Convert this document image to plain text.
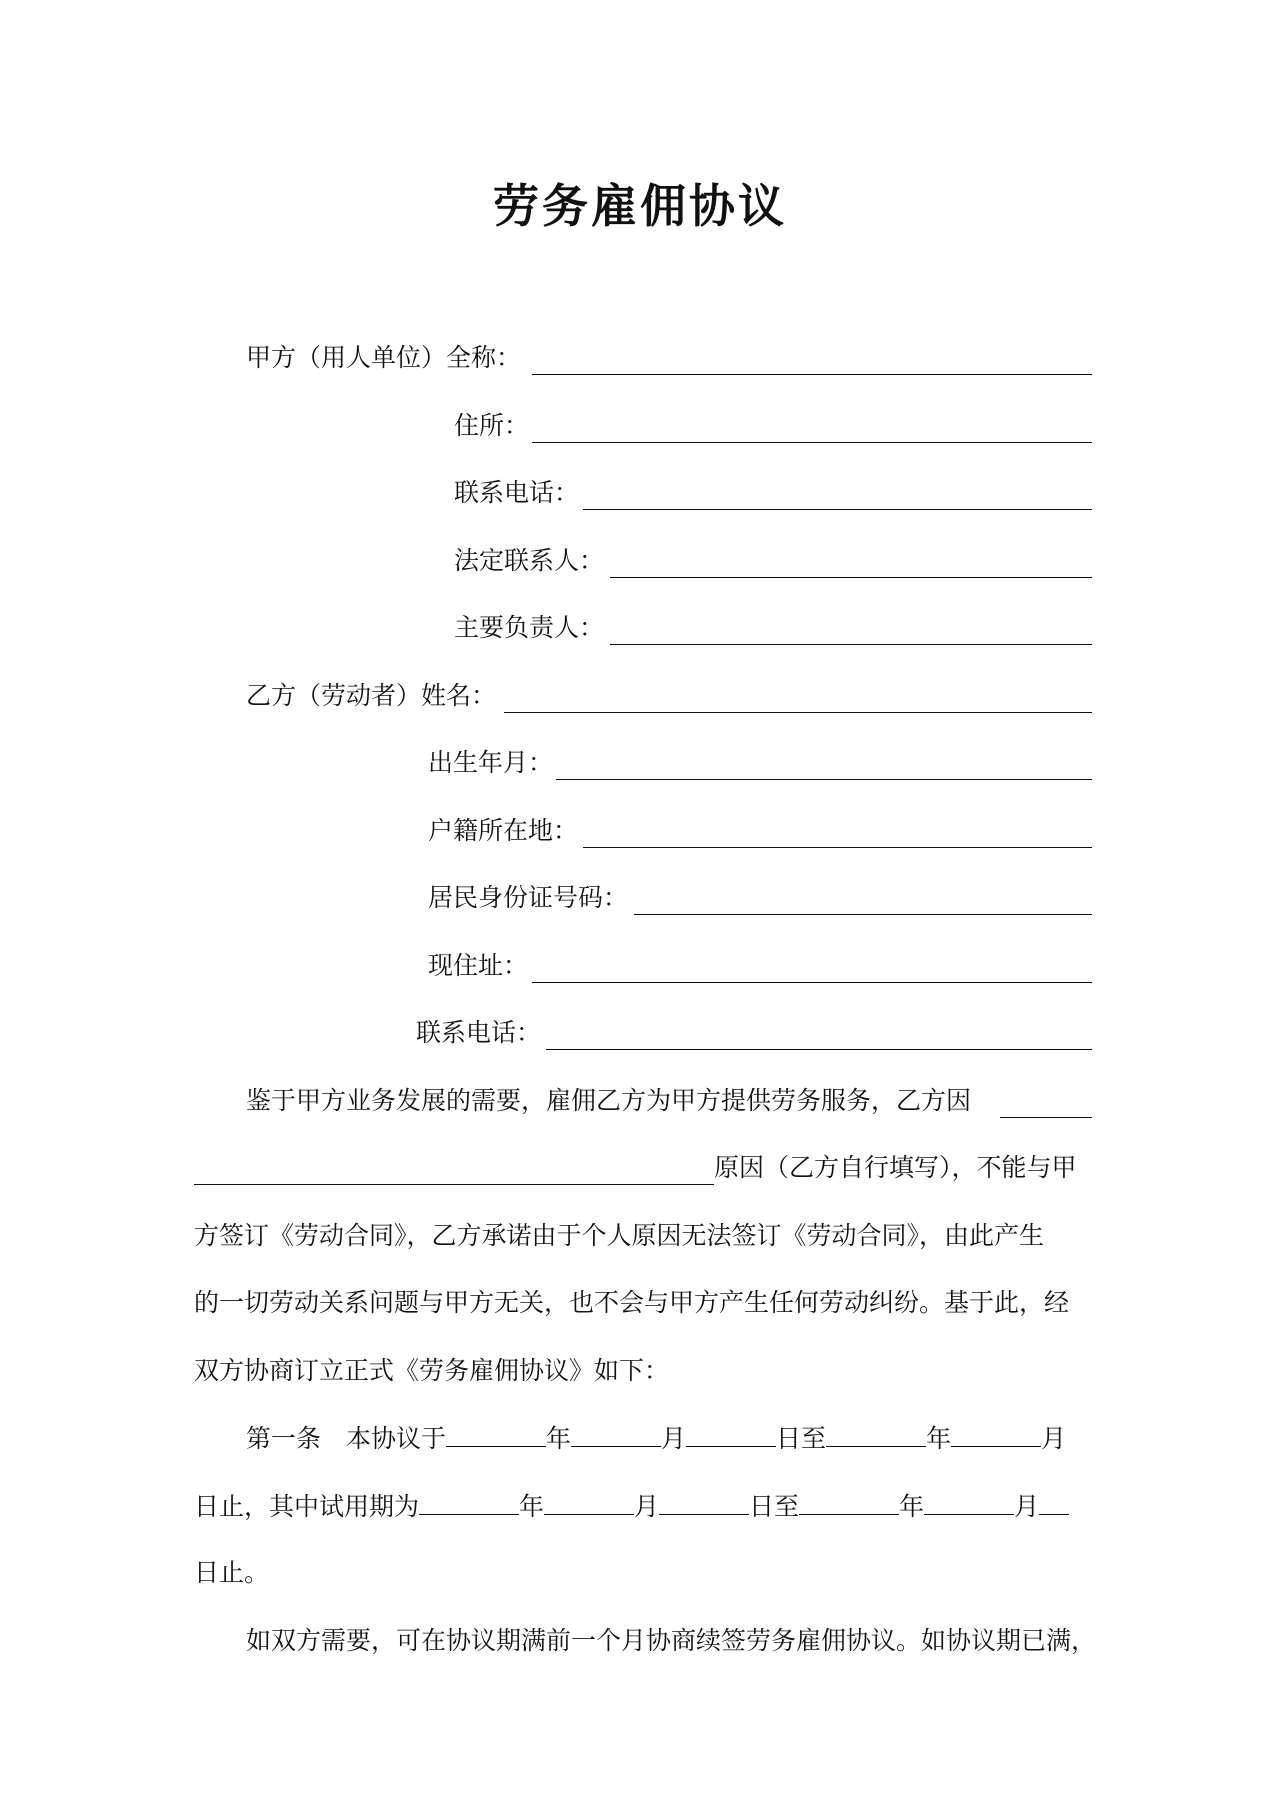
劳务雇佣协议
甲方（用人单位）全称：
住所：
联系电话：
法定联系人：
主要负责人：
乙方（劳动者）姓名：
出生年月：
户籍所在地：
居民身份证号码：
现住址：
联系电话：
鉴于甲方业务发展的需要，雇佣乙方为甲方提供劳务服务，乙方因
原因（乙方自行填写），不能与甲
方签订《劳动合同》，乙方承诺由于个人原因无法签订《劳动合同》，由此产生
的一切劳动关系问题与甲方无关，也不会与甲方产生任何劳动纠纷。基于此，经
双方协商订立正式《劳务雇佣协议》如下：
第一条　本协议于	年	月	日至	年	月
日止，其中试用期为	年	月	日至	年	月
日止。
如双方需要，可在协议期满前一个月协商续签劳务雇佣协议。如协议期已满，
